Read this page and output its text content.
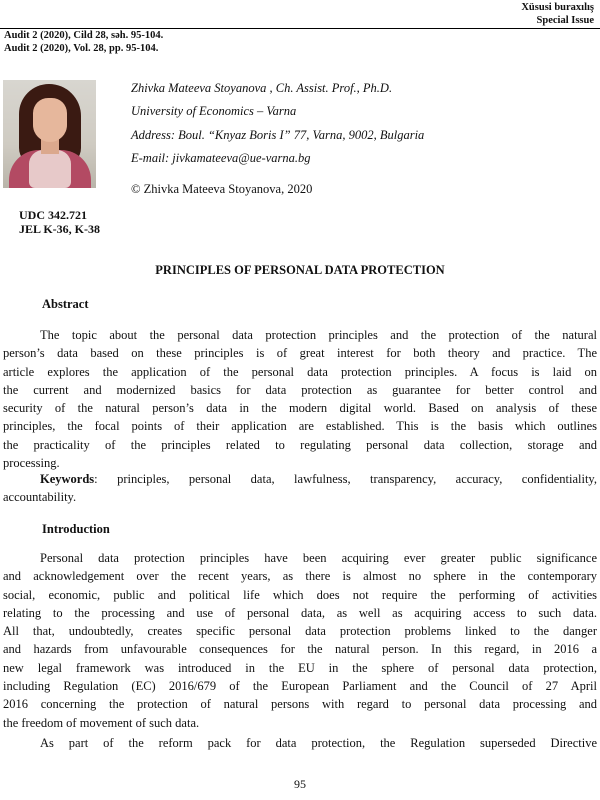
Xüsusi buraxılış
Special Issue
Audit 2 (2020), Cild 28, səh. 95-104.
Audit 2 (2020), Vol. 28, pp. 95-104.
Zhivka Mateeva Stoyanova , Ch. Assist. Prof., Ph.D.
University of Economics – Varna
Address: Boul. “Knyaz Boris I” 77, Varna, 9002, Bulgaria
E-mail: jivkamateeva@ue-varna.bg
© Zhivka Mateeva Stoyanova, 2020
UDC 342.721
JEL K-36, K-38
PRINCIPLES OF PERSONAL DATA PROTECTION
Abstract
The topic about the personal data protection principles and the protection of the natural
person’s data based on these principles is of great interest for both theory and practice. The
article explores the application of the personal data protection principles. A focus is laid on
the current and modernized basics for data protection as guarantee for better control and
security of the natural person’s data in the modern digital world. Based on analysis of these
principles, the focal points of their application are established. This is the basis which outlines
the practicality of the principles related to regulating personal data collection, storage and
processing.
Keywords: principles, personal data, lawfulness, transparency, accuracy, confidentiality,
accountability.
Introduction
Personal data protection principles have been acquiring ever greater public significance
and acknowledgement over the recent years, as there is almost no sphere in the contemporary
social, economic, public and political life which does not require the performing of activities
relating to the processing and use of personal data, as well as acquiring access to such data.
All that, undoubtedly, creates specific personal data protection problems linked to the danger
and hazards from unfavourable consequences for the natural person. In this regard, in 2016 a
new legal framework was introduced in the EU in the sphere of personal data protection,
including Regulation (EC) 2016/679 of the European Parliament and the Council of 27 April
2016 concerning the protection of natural persons with regard to personal data processing and
the freedom of movement of such data.
As part of the reform pack for data protection, the Regulation superseded Directive
95
